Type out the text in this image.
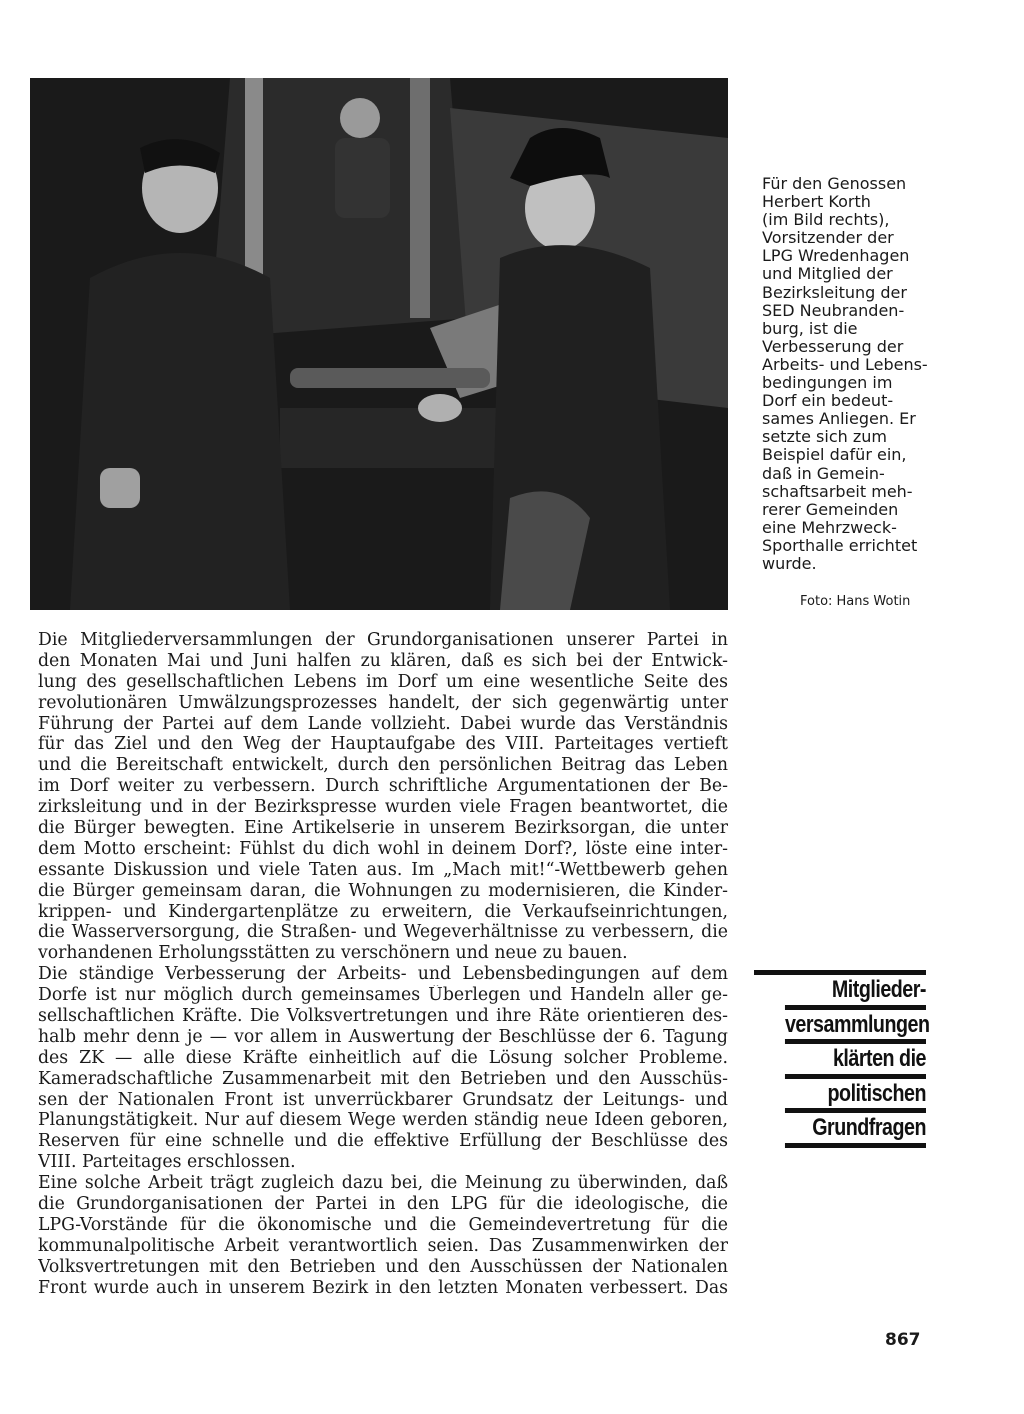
Für den Genossen
Herbert Korth
(im Bild rechts),
Vorsitzender der
LPG Wredenhagen
und Mitglied der
Bezirksleitung der
SED Neubranden-
burg, ist die
Verbesserung der
Arbeits- und Lebens-
bedingungen im
Dorf ein bedeut-
sames Anliegen. Er
setzte sich zum
Beispiel dafür ein,
daß in Gemein-
schaftsarbeit meh-
rerer Gemeinden
eine Mehrzweck-
Sporthalle errichtet
wurde.
Foto: Hans Wotin
Die Mitgliederversammlungen der Grundorganisationen unserer Partei in
den Monaten Mai und Juni halfen zu klären, daß es sich bei der Entwick-
lung des gesellschaftlichen Lebens im Dorf um eine wesentliche Seite des
revolutionären Umwälzungsprozesses handelt, der sich gegenwärtig unter
Führung der Partei auf dem Lande vollzieht. Dabei wurde das Verständnis
für das Ziel und den Weg der Hauptaufgabe des VIII. Parteitages vertieft
und die Bereitschaft entwickelt, durch den persönlichen Beitrag das Leben
im Dorf weiter zu verbessern. Durch schriftliche Argumentationen der Be-
zirksleitung und in der Bezirkspresse wurden viele Fragen beantwortet, die
die Bürger bewegten. Eine Artikelserie in unserem Bezirksorgan, die unter
dem Motto erscheint: Fühlst du dich wohl in deinem Dorf?, löste eine inter-
essante Diskussion und viele Taten aus. Im „Mach mit!“-Wettbewerb gehen
die Bürger gemeinsam daran, die Wohnungen zu modernisieren, die Kinder-
krippen- und Kindergartenplätze zu erweitern, die Verkaufseinrichtungen,
die Wasserversorgung, die Straßen- und Wegeverhältnisse zu verbessern, die
vorhandenen Erholungsstätten zu verschönern und neue zu bauen.
Die ständige Verbesserung der Arbeits- und Lebensbedingungen auf dem
Dorfe ist nur möglich durch gemeinsames Überlegen und Handeln aller ge-
sellschaftlichen Kräfte. Die Volksvertretungen und ihre Räte orientieren des-
halb mehr denn je — vor allem in Auswertung der Beschlüsse der 6. Tagung
des ZK — alle diese Kräfte einheitlich auf die Lösung solcher Probleme.
Kameradschaftliche Zusammenarbeit mit den Betrieben und den Ausschüs-
sen der Nationalen Front ist unverrückbarer Grundsatz der Leitungs- und
Planungstätigkeit. Nur auf diesem Wege werden ständig neue Ideen geboren,
Reserven für eine schnelle und die effektive Erfüllung der Beschlüsse des
VIII. Parteitages erschlossen.
Eine solche Arbeit trägt zugleich dazu bei, die Meinung zu überwinden, daß
die Grundorganisationen der Partei in den LPG für die ideologische, die
LPG-Vorstände für die ökonomische und die Gemeindevertretung für die
kommunalpolitische Arbeit verantwortlich seien. Das Zusammenwirken der
Volksvertretungen mit den Betrieben und den Ausschüssen der Nationalen
Front wurde auch in unserem Bezirk in den letzten Monaten verbessert. Das
Mitglieder-
versammlungen
klärten die
politischen
Grundfragen
867
